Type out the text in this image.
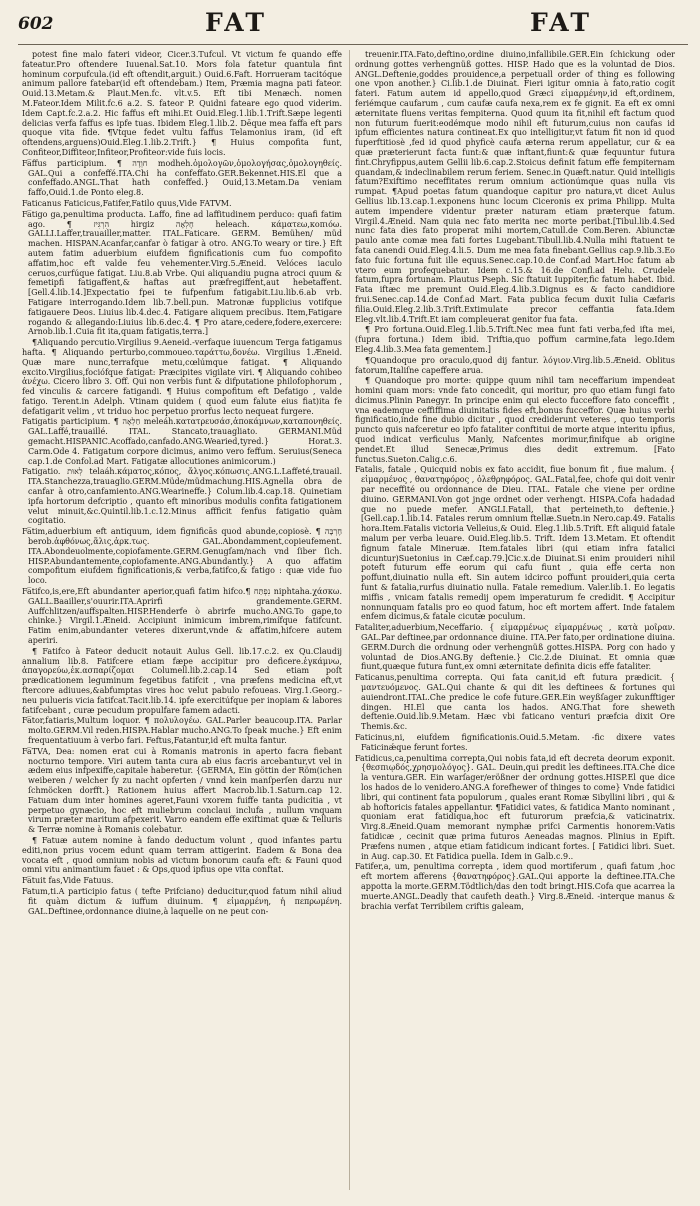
602	FAT	FAT

potest fine malo fateri videor, Cicer.3.Tufcul. Vt victum fe quando effe fateatur.Pro oftendere Iuuenal.Sat.10. Mors fola fatetur quantula fint hominum corpufcula.(id eft oftendit,arguit.) Ouid.6.Faft. Horrueram tacitóque animum pallore fatebar(id eft oftendebam.) Item, Præmia magna pati fateor. Ouid.13.Metam.& Plaut.Men.fc. vlt.v.5. Eft tibi Menæch. nomen M.Fateor.Idem Milit.fc.6 a.2. S. fateor P. Quidni fateare ego quod viderim. Idem Capt.fc.2.a.2. Hic faffus eft mihi.Et Ouid.Eleg.1.lib.1.Trift.Sæpe legenti delicias verfa faffus es ipfe tuas. Ibidem Eleg.1.lib.2. Dēque mea faffa eft pars quoque vita fide. ¶Vtque fedet vultu faffus Telamonius iram, (id eft oftendens,arguens)Ouid.Eleg.1.lib.2.Trift.} ¶ Huius compofita funt, Confiteor,Diffiteor,Infiteor,Profiteor:vide fuis locis.

Fa̅ffus participium. ¶ חוְדֶה modheh.ὁμολογῶν,ὁμολογήσας,ὁμολογηθείς. GAL.Qui a confeffé.ITA.Chi ha confeffato.GER.Bekennet.HIS.El que a confeffado.ANGL.That hath confeffed.} Ouid,13.Metam.Da veniam faffo,Ouid.1.de Ponto eleg.8.

Faticanus Faticicus,Fatifer,Fatilo quus,Vide FATVM.

Fa̅tigo ga,penultima producta. Laffo, fine ad laffitudinem perduco: quafi fatim ago. ¶ הִרְגִּיז hirgiz חֶלְאָה heleach. κάματεω,κοπιόω. GALLI.Laffer,trauailler,matter. ITAL.Faticare. GERM. Bemühen/ müd machen. HISPAN.Acanfar,canfar ò fatigar à otro. ANG.To weary or tire.} Eft autem fatim aduerbium eiufdem fignificationis cum fuo compofito affatim,hoc eft valde feu vehementer.Virg.5.Æneid. Velóces iaculo ceruos,curfúque fatigat. Liu.8.ab Vrbe. Qui aliquandiu pugna atroci quum & femetipfi fatigaffent,& haftas aut præfregiffent,aut hebetaffent.[Gell.4.lib.14.]Expectatio fpei te fufpenfum fatigabit.Liu.lib.6.ab vrb. Fatigare interrogando.Idem lib.7.bell.pun. Matronæ fupplicius votifque fatigauere Deos. Liuius lib.4.dec.4. Fatigare aliquem precibus. Item,Fatigare rogando & allegando:Liuius lib.6.dec.4. ¶ Pro atare,cedere,fodere,exercere: Arnob.lib.1.Cuia fit ita,quam fatigatis,terra.]

¶Aliquando percutio.Virgilius 9.Aeneid.-verfaque iuuencum Terga fatigamus hafta. ¶ Aliquando perturbo,commoueo.ταράττω,δονέω. Virgilius 1.Æneid. Quæ mare nunc,terrafque metu,cœlúmque fatigat. ¶ Aliquando excito.Virgilius,fociófque fatigat: Præcipites vigilate viri. ¶ Aliquando cohibeo ἀνέχω. Cicero libro 3. Off. Qui non verbis funt & difputatione philofophorum , fed vinculis & carcere fatigandi. ¶ Huius compofitum eft Defatigo , valde fatigo. Terent.in Adelph. Vtinam quidem ( quod eum falute eius fiat)ita fe defatigarit velim , vt triduo hoc perpetuo prorfus lecto nequeat furgere.

Fatigatis participium. ¶ חַלְאָה meleáh.κατατρευσάσ,ἀποκάμνων,καταπονηθείς. GAL.Laffé,trauaillé. ITAL. Stancato,trauagliato. GERMANI.Müd gemacht.HISPANIC.Acoffado,canfado.ANG.Wearied,tyred.} Horat.3. Carm.Ode 4. Fatigatum corpore dicimus, animo vero feffum. Seruius(Seneca cap.1.de Confol.ad Mart. Fatigatæ allocutiones animicorum.)

Fatigatio. לְאוּת telaáh.κάματος,κόπος, ἄλγος.κόπωσις.ANG.L.Laffeté,trauail. ITA.Stanchezza,trauaglio.GERM.Müde/müdmachung.HIS.Agnella obra de canfar à otro,canfamiento.ANG.Wearineffe.} Colum.lib.4.cap.18. Quinetiam ipfa hortorum defcriptio , quanto eft minoribus modulis confita fatigationem velut minuit,&c.Quintil.lib.1.c.12.Minus affficit fenfus fatigatio quàm cogitatio.

Fa̅tim,aduerbium eft antiquum, idem fignificās quod abunde,copiosè. ¶ חֶרְבָּה berob.ἀφθόνως,ἅλις,ἀρκ.τως. GAL.Abondamment,copieufement. ITA.Abondeuolmente,copiofamente.GERM.Genugſam/nach vnd ſiber ſich. HISP.Abundantemente,copiofamente.ANG.Abundantly.} A quo affatim compofitum eiufdem fignificationis,& verba,fatifco,& fatigo : quæ vide fuo loco.

Fa̅tifco,is,ere,Eft abundanter aperior,quafi fatim hifco.¶ נִפְתַּח niphtaha.χάσκω. GALL.Baailler,s'ouurir.ITA.Aprirfi grandemente.GERM. Auffchlitzen/auffspalten.HISP.Henderfe ò abrirfe mucho.ANG.To gape,to chinke.} Virgil.1.Æneid. Accipiunt inimicum imbrem,rimífque fatifcunt. Fatim enim,abundanter veteres dixerunt,vnde & affatim,hifcere autem aperiri.

¶ Fatifco à Fateor deducit notauit Aulus Gell. lib.17.c.2. ex Qu.Claudij annalium lib.8. Fatifcere etiam fæpe accipitur pro deficere.ἐγκάμνω, ἀπαγορεύω,ἐκ.ασπαρίζομαι Columell.lib.2.cap.14 Sed etiam poſt prædicationem leguminum fegetibus fatifcit , vna præfens medicina eft,vt ftercore adiuues,&abfumptas vires hoc velut pabulo refoueas. Virg.1.Georg.-neu pulueris vicia fatifcat.Tacit.lib.14. ipfe exercitúfque per inopiam & labores fatifcebant , curæ pecudum propulfare famem adacti.

Fa̅tor,fatiaris,Multum loquor. ¶ πολυλογέω. GAL.Parler beaucoup.ITA. Parlar molto.GERM.Vil reden.HISPA.Hablar mucho.ANG.To ſpeak muche.} Eft enim frequentatiuum à verbo fari. Feftus,Fatantur,id eft multa fantur.

Fa̅TVA, Dea: nomen erat cui à Romanis matronis in aperto facra fiebant nocturno tempore. Viri autem tanta cura ab eius facris arcebantur,vt vel in ædem eius infpexiffe,capitale haberetur. {GERMA, Ein göttin der Röm(ichen weiberen / welcher ſy zu nacht opferten / vnnd kein manſperſen darzu nur ſchmöcken dorfft.} Rationem huius affert Macrob.lib.1.Saturn.cap 12. Fatuam dum inter homines ageret,Fauni vxorem fuiffe tanta pudicitia , vt perpetuo gynæcio, hoc eft muliebrum conclaui inclufa , nullum vnquam virum præter maritum afpexerit. Varro eandem effe exiftimat quæ & Telluris & Terræ nomine à Romanis colebatur.

¶ Fatuæ autem nomine à fando deductum volunt , quod infantes partu editi,non prius vocem edunt quam terram attigerint. Eadem & Bona dea vocata eft , quod omnium nobis ad victum bonorum caufa eft: & Fauni quod omni vitu animantium fauet : & Ops,quod ipfius ope vita conftat.

Fa̅tuit fas,Vide Fatuus.

Fatum,ti.A participio fatus ( tefte Prifciano) deducitur,quod fatum nihil aliud fit quàm dictum & iuffum diuinum. ¶ εἱμαρμένη, ἡ πεπρωμένη. GAL.Deftinee,ordonnance diuine,à laquelle on ne peut con-

treuenir.ITA.Fato,deftino,ordine diuino,infallibile.GER.Ein ſchickung oder ordnung gottes verhengnüß gottes. HISP. Hado que es la voluntad de Dios. ANGL.Deftenie,goddes prouidence,a perpetuall order of thing es following one vpon another.} Ci.lib.1.de Diuinat. Fieri igitur omnia à fato,ratio cogit fateri. Fatum autem id appello,quod Græci εἱμαρμένην,id eft,ordinem, feriémque caufarum , cum caufæ caufa nexa,rem ex fe gignit. Ea eft ex omni æternitate fluens veritas fempiterna. Quod quum ita fit,nihil eft factum quod non futurum fuerit:eodémque modo nihil eft futurum,cuius non caufas id ipfum efficientes natura contineat.Ex quo intelligitur,vt fatum fit non id quod fuperftitiosè ,fed id quod phyficè caufa æterna rerum appellatur, cur & ea quæ præterierunt facta funt:& quæ inftant,fiunt:& quæ fequuntur futura fint.Chryfippus,autem Gellii lib.6.cap.2.Stoicus definit fatum effe fempiternam quandam,& indeclinabilem rerum feriem. Senec.in Quæft.natur. Quid intelligis fatum?Exiftimo neceffitates rerum omnium actionúmque quas nulla vis rumpat. ¶Apud poetas fatum quandoque capitur pro natura,vt dicet Aulus Gellius lib.13.cap.1.exponens hunc locum Ciceronis ex prima Philipp. Multa autem impendere videntur præter naturam etiam præterque fatum. Virgil.4.Æneid. Nam quia nec fato merita nec morte peribat.[Tibul.lib.4.Sed nunc fata dies fato properat mihi mortem,Catull.de Com.Beren. Abiunctæ paulo ante comæ mea fati fortes Lugebant.Tibull.lib.4.Nulla mihi ftatuent te fata canendi Ouid.Eleg.4.li.5. Dum me mea fata finebant.Gellius cap.9.lib.3.Eo fato fuic fortuna fuit ille equus.Senec.cap.10.de Conf.ad Mart.Hoc fatum ab vtero eum profequebatur. Idem c.15.& 16.de Confl.ad Helu. Crudele fatum,fupra fortunam. Plautus Pseph. Sic ftatuit Iuppiter,fic fatum habet. Ibid. Fata iftæc me premunt Ouid.Eleg.4.lib.3.Dignus es & facto candidiore frui.Senec.cap.14.de Conf.ad Mart. Fata publica fecum duxit Iulia Cæfaris filia.Ouid.Eleg.2.lib.3.Trift.Extimulate precor ceffantia fata.Idem Eleg.vlt.lib.4.Trift.Et iam compleuerat genitor fua fata.

¶ Pro fortuna.Ouid.Eleg.1.lib.5.Trift.Nec mea funt fati verba,fed ifta mei,(fupra fortuna.) Idem ibid. Triftia,quo poffum carmine,fata lego.Idem Eleg.4.lib.3.Mea fata gementem.]

¶Quandoque pro oraculo,quod dij fantur. λόγιον.Virg.lib.5.Æneid. Oblitus fatorum,Italiſne capeffere arua.

¶ Quandoque pro morte: quippe quum nihil tam neceffarium impendeat homini quam mors: vnde fato concedit, qui moritur, pro quo etiam fungi fato dicimus.Plinin Panegyr. In principe enim qui electo fucceffore fato conceffit , vna eademque ceffiffima diuinitatis fides eft,bonus fucceffor. Quæ huius verbi fignificatio,inde fine dubio dicitur , quod crediderunt veteres , quo temporis puncto quis nafceretur eo ipfo fataliter conftitui de morte atque interitu ipfius, quod indicat verficulus Manly, Nafcentes morimur,finifque ab origine pendet.Et illud Senecæ,Primus dies dedit extremum. [Fato functus.Sueton.Calig.c.6.

Fatalis, fatale , Quicquid nobis ex fato accidit, fiue bonum fit , fiue malum. { εἱμαρμένος , θανατηφόρος , ὀλεθρηφόρος. GAL.Fatal,fee, chofe qui doit venir par neceffité ou ordonnance de Dieu. ITAL. Fatale che viene per ordine diuino. GERMANI.Von got jnge ordnet oder verhengt. HISPA.Cofa hadadad que no puede mefer. ANGLI.Fatall, that perteineth,to deftenie.} [Gell.cap.1.lib.14. Fatales rerum omnium ftellæ.Suetn.in Nero.cap.49. Fatalis hora.Item.Fatalis victoria Velleius,& Ouid. Eleg.1.lib.5.Trift. Eft aliquid fatale malum per verba leuare. Ouid.Eleg.lib.5. Trift. Idem 13.Metam. Et oftendit fignum fatale Mineruæ. Item.fatales libri (qui etiam infra fatalici dicuntur)Suetonius in Cæf.cap.79.]Cic.x.de Diuinat.Si enim prouideri nihil poteft futurum effe eorum qui cafu fiunt , quia effe certa non poffunt,diuinatio nulla eft. Sin autem idcirco poffunt prouideri,quia certa funt & fatalia,rurfus diuinatio nulla. Fatale remedium. Valer.lib.1. Eo legatis miffis , vnicam fatalis remedij opem imperaturum fe credidit. ¶ Accipitur nonnunquam fatalis pro eo quod fatum, hoc eft mortem affert. Inde fatalem enfem dicimus,& fatale cicutæ poculum.

Fataliter,aduerbium,Neceffario. { εἱμαρμένως εἱμαρμένως , κατὰ μοῖραν. GAL.Par deftinee,par ordonnance diuine. ITA.Per fato,per ordinatione diuina. GERM.Durch die ordnung oder verhengnüß gottes.HISPA. Porg con hado y voluntad de Dios.ANG.By deftenie.} Cic.2.de Diuinat. Et omnia quæ fiunt,quæque futura funt,ex omni æternitate definita dicis effe fataliter.

Faticanus,penultima correpta. Qui fata canit,id eft futura prædicit. { μαντευόμενος. GAL.Qui chante & qui dit les deftinees & fortunes qui auiendront.ITAL.Che predice le cofe future.GER.Ein weyßſager zukunfftiger dingen. HI.El que canta los hados. ANG.That fore sheweth deftenie.Ouid.lib.9.Metam. Hæc vbi faticano venturi præfcia dixit Ore Themis.&c.

Faticinus,ni, eiufdem fignificationis.Ouid.5.Metam. -fic dixere vates Faticinǽque ferunt fortes.

Fatidicus,ca,penultima correpta,Qui nobis fata,id eft decreta deorum exponit.{θεσπιῳδός,χρησμολόγος}. GAL. Deuin,qui predit les deftinees.ITA.Che dice la ventura.GER. Ein warſager/erößner der ordnung gottes.HISP.El que dice los hados de lo venidero.ANG.A forefhewer of thinges to come} Vnde fatidici libri, qui continent fata populorum , quales erant Romæ Sibyllini libri , qui & ab hoftoricis fatales appellantur. ¶Fatidici vates, & fatidica Manto nominant , quoniam erat fatidiqua,hoc eft futurorum præfcia,& vaticinatrix. Virg.8.Æneid.Quam memorant nymphæ prifci Carmentis honorem:Vatis fatidicæ , cecinit quæ prima futuros Aeneadas magnos. Plinius in Epift. Præfens numen , atque etiam fatidicum indicant fortes. [ Fatidici libri. Suet. in Aug. cap.30. Et Fatidica puella. Idem in Galb.c.9..

Fatifer,a, um, penultima correpta , idem quod mortiferum , quafi fatum ,hoc eft mortem afferens {θανατηφόρος}.GAL.Qui apporte la deftinee.ITA.Che appotta la morte.GERM.Tödtlich/das den todt bringt.HIS.Cofa que acarrea la muerte.ANGL.Deadly that caufeth death.} Virg.8.Æneid. -interque manus & brachia verfat Terribilem criftis galeam,
